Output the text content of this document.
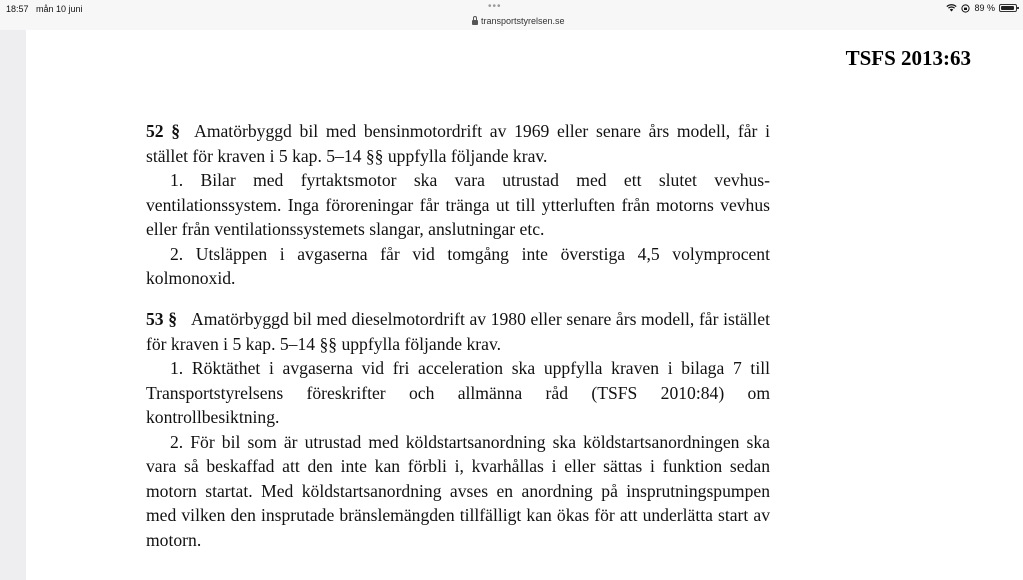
18:57 mån 10 juni	•••
transportstyrelsen.se
89 %
TSFS 2013:63

52 § Amatörbyggd bil med bensinmotordrift av 1969 eller senare års modell, får i stället för kraven i 5 kap. 5–14 §§ uppfylla följande krav.

1. Bilar med fyrtaktsmotor ska vara utrustad med ett slutet vevhusventilationssystem. Inga föroreningar får tränga ut till ytterluften från motorns vevhus eller från ventilationssystemets slangar, anslutningar etc.

2. Utsläppen i avgaserna får vid tomgång inte överstiga 4,5 volymprocent kolmonoxid.

53 § Amatörbyggd bil med dieselmotordrift av 1980 eller senare års modell, får istället för kraven i 5 kap. 5–14 §§ uppfylla följande krav.

1. Röktäthet i avgaserna vid fri acceleration ska uppfylla kraven i bilaga 7 till Transportstyrelsens föreskrifter och allmänna råd (TSFS 2010:84) om kontrollbesiktning.

2. För bil som är utrustad med köldstartsanordning ska köldstartsanordningen ska vara så beskaffad att den inte kan förbli i, kvarhållas i eller sättas i funktion sedan motorn startat. Med köldstartsanordning avses en anordning på insprutningspumpen med vilken den insprutade bränslemängden tillfälligt kan ökas för att underlätta start av motorn.
